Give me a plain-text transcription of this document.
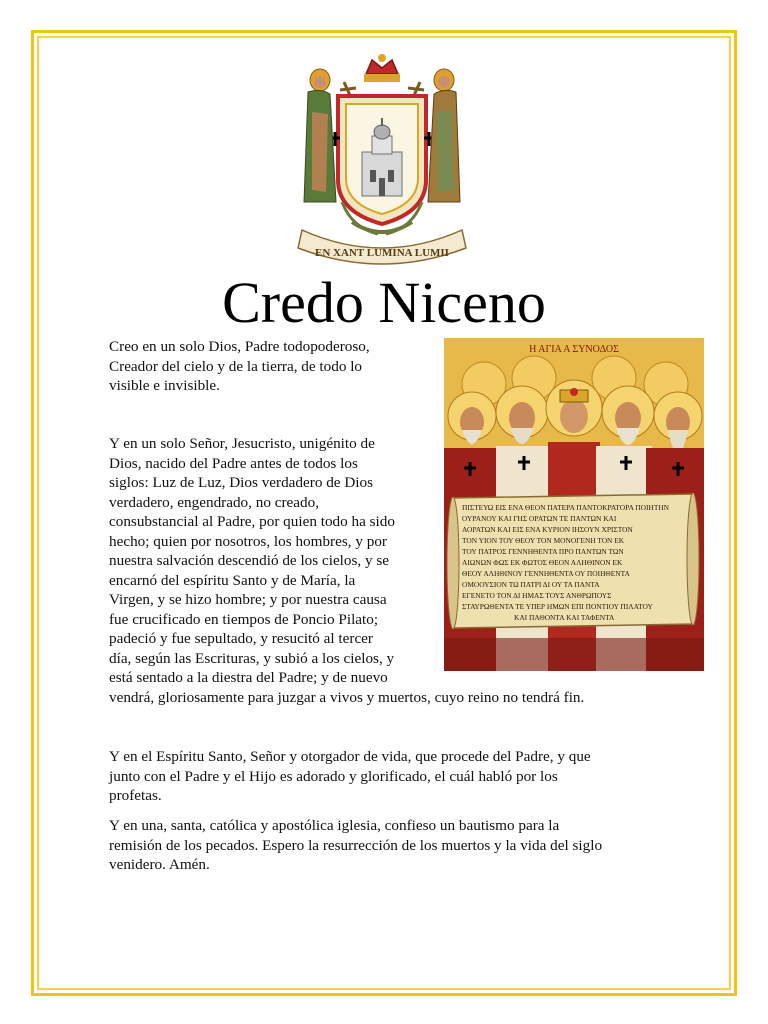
EN XANT LUMINA LUMII
Credo Niceno
Creo en un solo Dios, Padre todopoderoso,
Creador del cielo y de la tierra, de todo lo
visible e invisible.
Y en un solo Señor, Jesucristo, unigénito de
Dios, nacido del Padre antes de todos los
siglos: Luz de Luz, Dios verdadero de Dios
verdadero, engendrado, no creado,
consubstancial al Padre, por quien todo ha sido
hecho; quien por nosotros, los hombres, y por
nuestra salvación descendió de los cielos, y se
encarnó del espíritu Santo y de María, la
Virgen, y se hizo hombre; y por nuestra causa
fue crucificado en tiempos de Poncio Pilato;
padeció y fue sepultado, y resucitó al tercer
día, según las Escrituras, y subió a los cielos, y
está sentado a la diestra del Padre; y de nuevo
vendrá, gloriosamente para juzgar a vivos y muertos, cuyo reino no tendrá fin.
Y en el Espíritu Santo, Señor y otorgador de vida, que procede del Padre, y que
junto con el Padre y el Hijo es adorado y glorificado, el cuál habló por los
profetas.
Y en una, santa, católica y apostólica iglesia, confieso un bautismo para la
remisión de los pecados. Espero la resurrección de los muertos y la vida del siglo
venidero. Amén.
Η ΑΓΙΑ Α ΣΥΝΟΔΟΣ
ΠΙΣΤΕΥΩ ΕΙΣ ΕΝΑ ΘΕΟΝ ΠΑΤΕΡΑ ΠΑΝΤΟΚΡΑΤΟΡΑ ΠΟΙΗΤΗΝ
ΟΥΡΑΝΟΥ ΚΑΙ ΓΗΣ ΟΡΑΤΩΝ ΤΕ ΠΑΝΤΩΝ ΚΑΙ
ΑΟΡΑΤΩΝ ΚΑΙ ΕΙΣ ΕΝΑ ΚΥΡΙΟΝ ΙΗΣΟΥΝ ΧΡΙΣΤΟΝ
ΤΟΝ ΥΙΟΝ ΤΟΥ ΘΕΟΥ ΤΟΝ ΜΟΝΟΓΕΝΗ ΤΟΝ ΕΚ
ΤΟΥ ΠΑΤΡΟΣ ΓΕΝΝΗΘΕΝΤΑ ΠΡΟ ΠΑΝΤΩΝ ΤΩΝ
ΑΙΩΝΩΝ ΦΩΣ ΕΚ ΦΩΤΟΣ ΘΕΟΝ ΑΛΗΘΙΝΟΝ ΕΚ
ΘΕΟΥ ΑΛΗΘΙΝΟΥ ΓΕΝΝΗΘΕΝΤΑ ΟΥ ΠΟΙΗΘΕΝΤΑ
ΟΜΟΟΥΣΙΟΝ ΤΩ ΠΑΤΡΙ ΔΙ ΟΥ ΤΑ ΠΑΝΤΑ
ΕΓΕΝΕΤΟ ΤΟΝ ΔΙ ΗΜΑΣ ΤΟΥΣ ΑΝΘΡΩΠΟΥΣ
ΣΤΑΥΡΩΘΕΝΤΑ ΤΕ ΥΠΕΡ ΗΜΩΝ ΕΠΙ ΠΟΝΤΙΟΥ ΠΙΛΑΤΟΥ
ΚΑΙ ΠΑΘΟΝΤΑ ΚΑΙ ΤΑΦΕΝΤΑ
